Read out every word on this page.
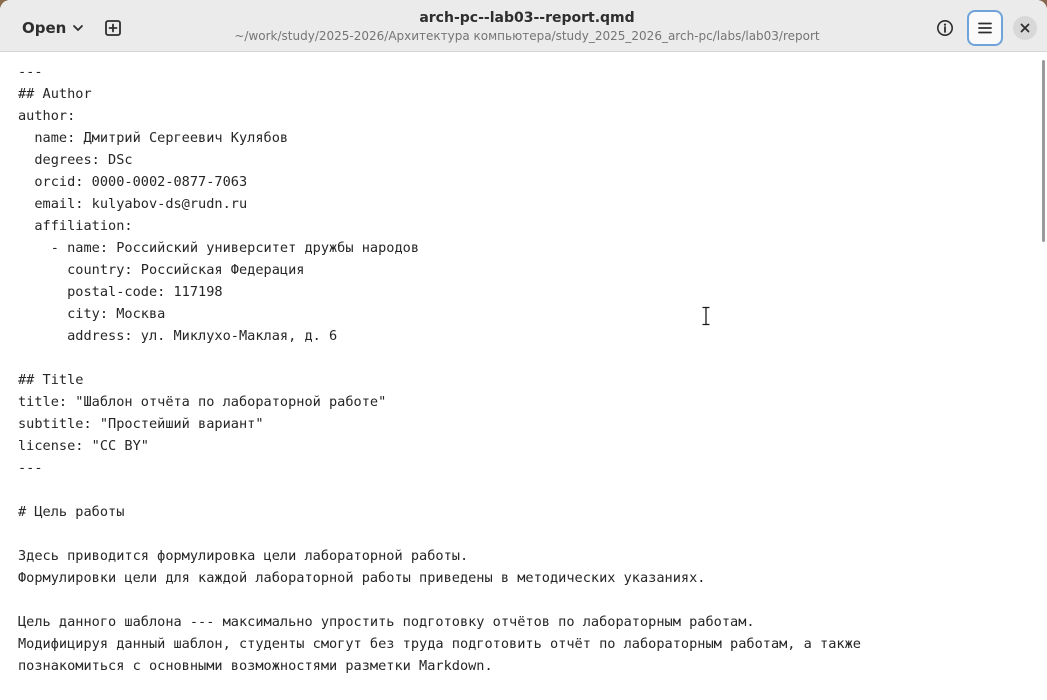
Open
arch-pc--lab03--report.qmd
~/work/study/2025-2026/Архитектура компьютера/study_2025_2026_arch-pc/labs/lab03/report
---
## Author
author:
name: Дмитрий Сергеевич Кулябов
degrees: DSc
orcid: 0000-0002-0877-7063
email: kulyabov-ds@rudn.ru
affiliation:
- name: Российский университет дружбы народов
country: Российская Федерация
postal-code: 117198
city: Москва
address: ул. Миклухо-Маклая, д. 6
## Title
title: "Шаблон отчёта по лабораторной работе"
subtitle: "Простейший вариант"
license: "CC BY"
---
# Цель работы
Здесь приводится формулировка цели лабораторной работы.
Формулировки цели для каждой лабораторной работы приведены в методических указаниях.
Цель данного шаблона --- максимально упростить подготовку отчётов по лабораторным работам.
Модифицируя данный шаблон, студенты смогут без труда подготовить отчёт по лабораторным работам, а также
познакомиться с основными возможностями разметки Markdown.
